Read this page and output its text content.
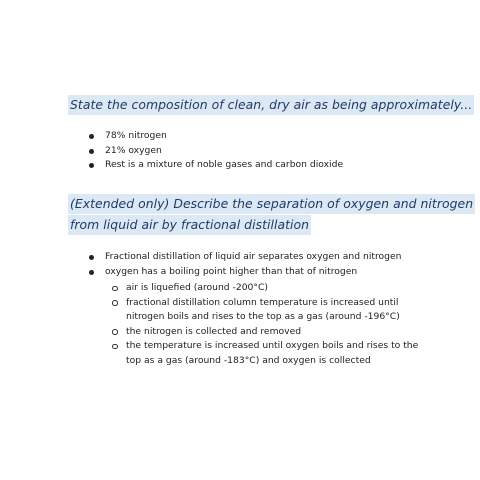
State the composition of clean, dry air as being approximately...
78% nitrogen
21% oxygen
Rest is a mixture of noble gases and carbon dioxide
(Extended only) Describe the separation of oxygen and nitrogen
from liquid air by fractional distillation
Fractional distillation of liquid air separates oxygen and nitrogen
oxygen has a boiling point higher than that of nitrogen
air is liquefied (around -200°C)
fractional distillation column temperature is increased until
nitrogen boils and rises to the top as a gas (around -196°C)
the nitrogen is collected and removed
the temperature is increased until oxygen boils and rises to the
top as a gas (around -183°C) and oxygen is collected
